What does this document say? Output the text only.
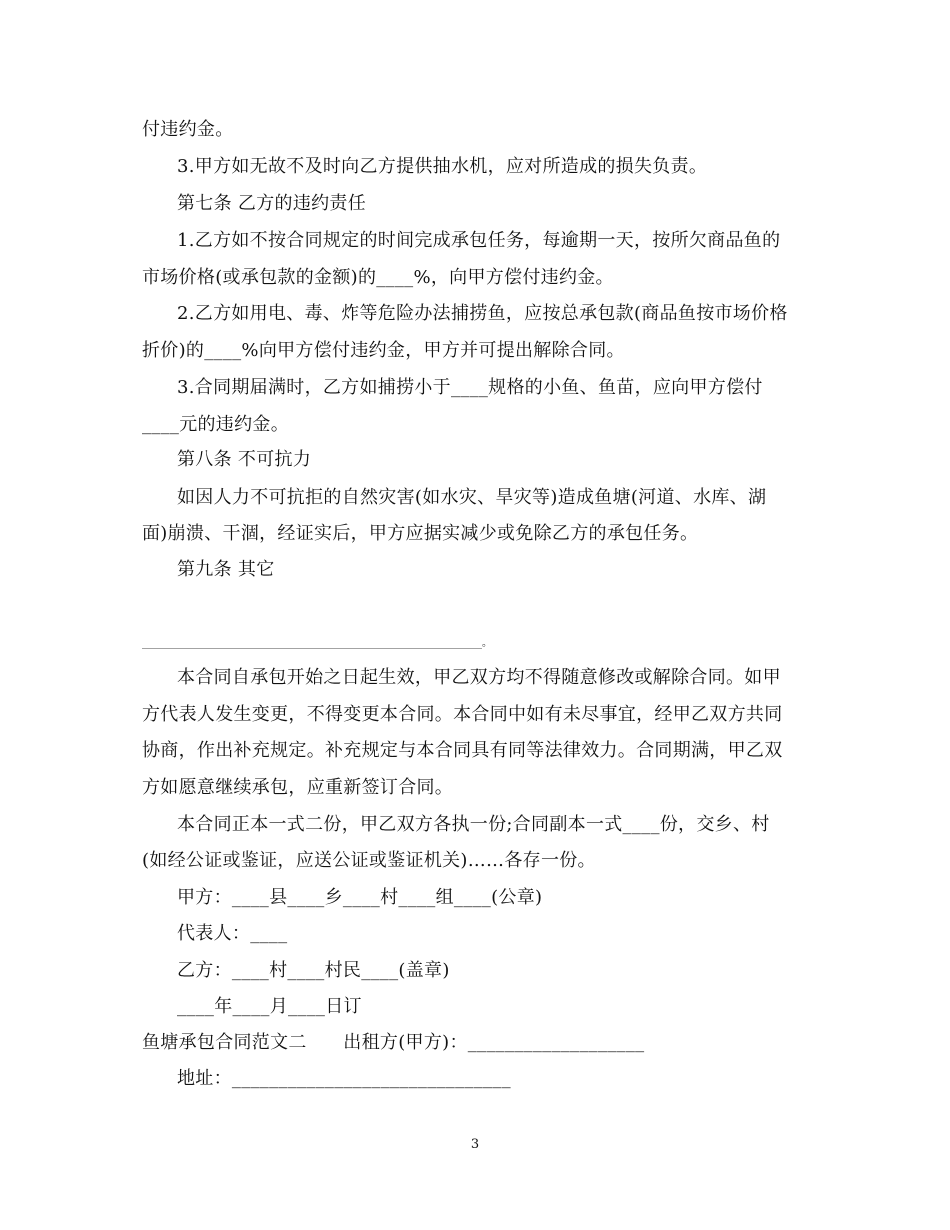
付违约金。
3.甲方如无故不及时向乙方提供抽水机，应对所造成的损失负责。
第七条 乙方的违约责任
1.乙方如不按合同规定的时间完成承包任务，每逾期一天，按所欠商品鱼的
市场价格(或承包款的金额)的____%，向甲方偿付违约金。
2.乙方如用电、毒、炸等危险办法捕捞鱼，应按总承包款(商品鱼按市场价格
折价)的____%向甲方偿付违约金，甲方并可提出解除合同。
3.合同期届满时，乙方如捕捞小于____规格的小鱼、鱼苗，应向甲方偿付
____元的违约金。
第八条 不可抗力
如因人力不可抗拒的自然灾害(如水灾、旱灾等)造成鱼塘(河道、水库、湖
面)崩溃、干涸，经证实后，甲方应据实减少或免除乙方的承包任务。
第九条 其它
____________________________________________________________________。
本合同自承包开始之日起生效，甲乙双方均不得随意修改或解除合同。如甲
方代表人发生变更，不得变更本合同。本合同中如有未尽事宜，经甲乙双方共同
协商，作出补充规定。补充规定与本合同具有同等法律效力。合同期满，甲乙双
方如愿意继续承包，应重新签订合同。
本合同正本一式二份，甲乙双方各执一份;合同副本一式____份，交乡、村
(如经公证或鉴证，应送公证或鉴证机关)……各存一份。
甲方：____县____乡____村____组____(公章)
代表人：____
乙方：____村____村民____(盖章)
____年____月____日订
鱼塘承包合同范文二　　出租方(甲方)：___________________
地址：______________________________
3
